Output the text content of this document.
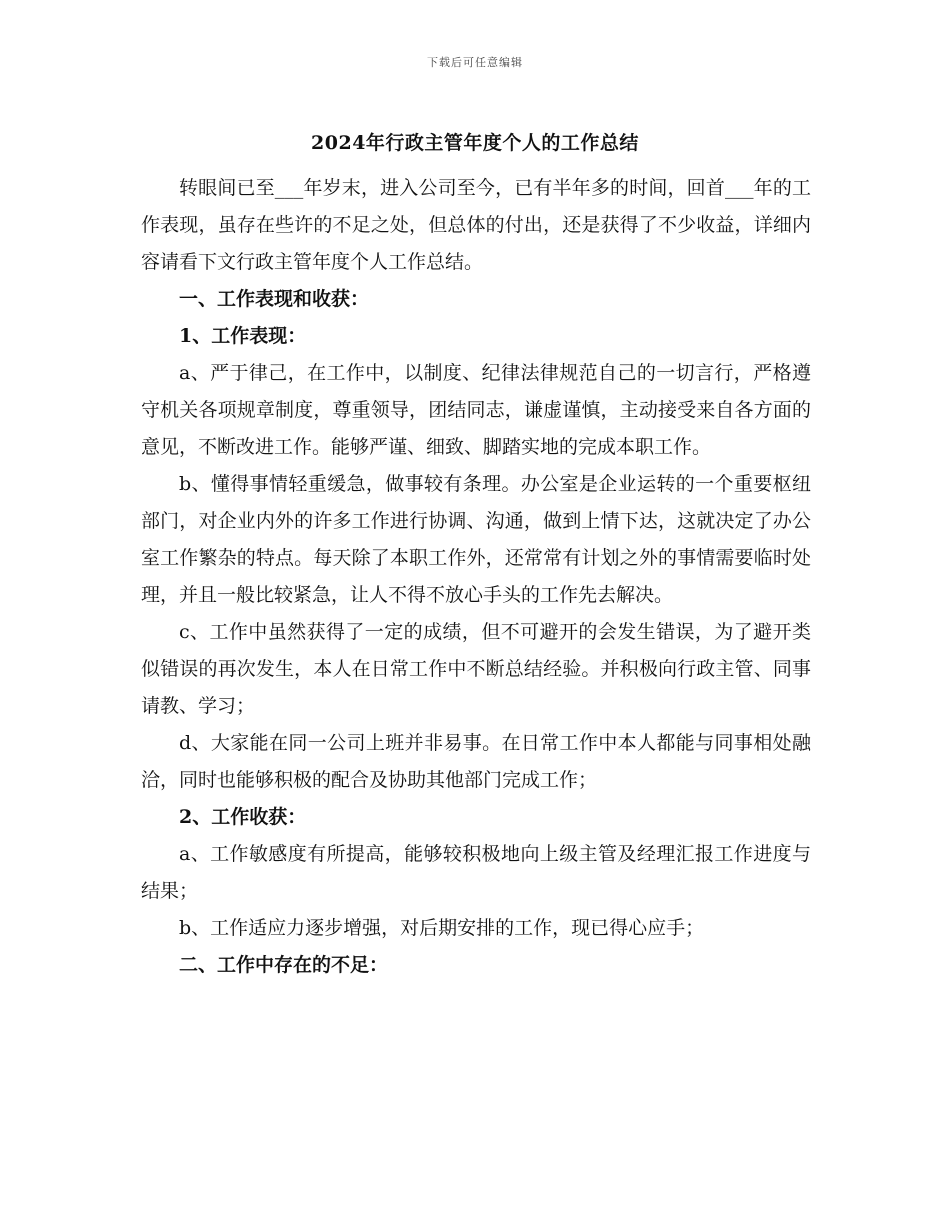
下载后可任意编辑
2024年行政主管年度个人的工作总结

转眼间已至___年岁末，进入公司至今，已有半年多的时间，回首___年的工作表现，虽存在些许的不足之处，但总体的付出，还是获得了不少收益，详细内容请看下文行政主管年度个人工作总结。

一、工作表现和收获：
1、工作表现：

a、严于律己，在工作中，以制度、纪律法律规范自己的一切言行，严格遵守机关各项规章制度，尊重领导，团结同志，谦虚谨慎，主动接受来自各方面的意见，不断改进工作。能够严谨、细致、脚踏实地的完成本职工作。

b、懂得事情轻重缓急，做事较有条理。办公室是企业运转的一个重要枢纽部门，对企业内外的许多工作进行协调、沟通，做到上情下达，这就决定了办公室工作繁杂的特点。每天除了本职工作外，还常常有计划之外的事情需要临时处理，并且一般比较紧急，让人不得不放心手头的工作先去解决。

c、工作中虽然获得了一定的成绩，但不可避开的会发生错误，为了避开类似错误的再次发生，本人在日常工作中不断总结经验。并积极向行政主管、同事请教、学习；

d、大家能在同一公司上班并非易事。在日常工作中本人都能与同事相处融洽，同时也能够积极的配合及协助其他部门完成工作；

2、工作收获：

a、工作敏感度有所提高，能够较积极地向上级主管及经理汇报工作进度与结果；

b、工作适应力逐步增强，对后期安排的工作，现已得心应手；

二、工作中存在的不足：
